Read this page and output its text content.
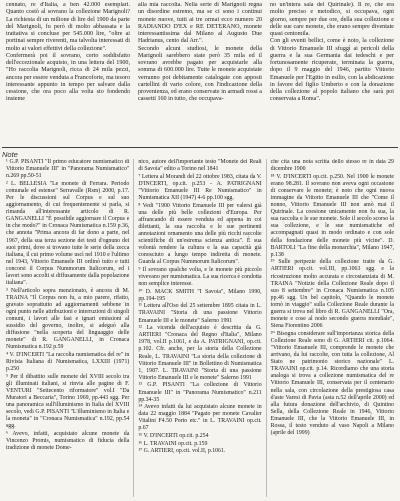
cennato, re d'Italia, a ben 42.000 esemplari. Quanto costò al sovrano la collezione Marignoli? La richiesta di un milione di lire del 1900 da parte del Marignoli, fu però di molto abbassata e la trattativa si concluse per 545.000 lire, "oltre ai portinai sempre riverenti, ma talvolta interessati di molto ai valori effettivi della collezione".

Confermerà poi il sovrano, certo soddisfatto dell'eccezionale acquisto, in una lettera del 1900, "Ho raccolta Marignoli, ricca di 24 mila pezzi, ancora per essere venduta a Francoforte, ma tesoro interessante appunto in tempo per salvare dalla cessione, che ora poco alla volta sto fondendo insieme

alla mia raccolta. Nella serie di Marignoli regna un disordine estremo, ma se ci sono i continui monete nuove, tutti ai tre ormai ecco numero 20 RADIANDO D'EX e RE DETERANO, monete interessantissima dal Milano al Augusto Due Hadrianus, cento dal Arr.".

Secondo alcuni studiosi, le monete della Marignoli sarebbero state però 35 mila ed il sovrano avrebbe pagato per acquistarle alla somma di 600.000 lire. Tutte le monete acquistate verranno poi debitamente catalogate con apposti cartellini di vario colore, con l'indicazione della provenienza, ed erano conservate in armadi rossi a cassetti 160 in tutto, che occupava-

no un'intera sala del Quirinale). Il re, che era molto preciso e metodico, si occupava, ogni giorno, sempre per due ore, della sua collezione e delle sue care monete, che erano sempre diventate quasi centomila.

Con gli eventi bellici, come è noto, la collezione di Vittorio Emanuele III sfuggì ai pericoli della guerra e la sua Germania dai tedeschi e per fortunosamente ricuperate, terminata la guerra, dopo il 9 maggio del 1946, partito Vittorio Emanuele per l'Egitto in esilio, con la abdicazione in favore del figlio Umberto e con la donazione della collezione al popolo italiano che sarà poi conservata a Roma".

Note

¹ G.P. PISANTI "Il primo educatore numismatico di Vittorio Emanuele III" in "Panorama Numismatico" n.269 pp.50-51

² L. BELLESIA "Le monete di Ferrara. Periodo comunale ed estense" Serravalle (Rsm) 2000, p.17. Per le discussioni sul Corpus e sul suo aggiornamento, di cui frequentemente si parla, si rimanda all'interessante articolo di R. GANGANELLI "È possibile aggiornare il Corpus e in che modo?" in Cronaca Numismatica n.159 p.36, che annota "Prima ancora di far dono a parte, nel 1967, della sua terza sezione dei testi d'ognuno dei suoi primi, dove si trovano tutte le serie della zecca italiana, il cui primo volume uscì nel 1910 e l'ultimo nel 1943, Vittorio Emanuele III ordinò tutto e tutti concorsi il Corpus Nummorum Italicorum, ed i lavori sono accolti si diffusamente dalla popolazione italiana".

³ Nell'articolo sopra menzionato, è ancora di M. TRAINA "Il Corpus non fu, a mio parere, rifatto, gravato soprattutto ad aggiornamenti sebbene in ogni punto nelle attribuzioni e interruzioni di singoli comuni, i lavori alle fasi e ignari emissioni al sussidio del governo, inoltre, si adeguò alla diffusione "nella scoperta del linguaggio delle monete" di R. GANGANELLI, in Cronaca Numismatica n.192 p.59

⁴ V. D'INCERTI "La raccolta numismatica del re" in Rivista Italiana di Numismatica, LXXIII (1971) p.250

⁵ Per il dibattito sulle monete del XVIII secolo tra gli illuminati italiani, si rinvia alle pagine di F. VENTURI "Settecento riformatore" vol.I "Da Muratori a Beccaria", Torino 1969, pp.443 sgg. Per una panoramica sull'illuminismo in Italia del XVIII secolo, vedi G.P. PISANTI "L'illuminismo in Italia e la moneta" in "Cronaca Numismatica" n.192, pp.54 sgg.

⁶ Avevo, infatti, acquistato alcune monete da Vincenzo Promis, numismatico di fiducia della tradizione di monete Dome-

nico, autore dell'importante testo "Monete dei Reali di Savoia" edito a Torino nel 1841

⁷ Lettera al Morandi del 22 ottobre 1983, citata da V. D'INCERTI, op.cit. p.253 - A. PATRIGNANI "Vittorio Emanuele III Re Numismatico" in Numismatica XII (1947) 4-6 pp.100 sgg.

⁸ Vedi "1900 Vittorio Emanuele III per valersi già una delle più belle collezioni d'Europa. Per affrancando di essere venduta ed appena in coi dilettanti, la sua raccolta e le sue pertinenti annotazioni ornamento una delle più ricchi raccolte scientifiche di un'estrema scienza antica". È sua volontà rendere la cultura e la sua capacità già conosciuto a lungo tempo indiretta di monete. Guarda al Corpus Nummorum Italicorum".

⁹ Il sovrano qualche volta, e le monete più piccolo vivevano per numismatica. La sua ricerca è condotta non semplice interesse.

¹⁰ D. MACK SMITH "I Savoia", Milano 1990, pp.194-195

¹¹ Lettera all'Oso del 25 settembre 1895 citata in L. TRAVAINI "Storia di una passione Vittorio Emanuele III e le monete" Salerno 1991

¹² La vicenda dell'acquisto è descritta da G. ARTIERI "Cronaca del Regno d'Italia", Milano 1978, vol.II p.1061, e da A. PATRIGNANI, op.cit. p.102. Cfr. anche, per la storia della Collezione Reale, L. TRAVAINI "La storia della collezione di Vittorio Emanuele III" in Bollettino di Numismatica 1, 1987. L. TRAVAINI "Storia di una passione Vittorio Emanuele III e le monete" Salerno 1991

¹³ G.P. PISANTI "La collezione di Vittorio Emanuele III" in "Panorama Numismatico" n.211 pp.34-35

¹⁴ Avevo infatti da lui acquistato alcune monete in data 22 maggio 1884 "Pagato per monete Cavalier Vitalini F4.50 Porto etc." in L. TRAVAINI op.cit. p.67

¹⁵ V. D'INCERTI op.cit. p.254

¹⁶ L. TRAVAINI op.cit. p.159

¹⁷ G. ARTIERI, op.cit. vol.II, p.1061.

che cita una nota scritta dello stesso re in data 29 dicembre 1900

¹⁸ V. D'INCERTI op.cit. p.250. Nel 1900 le monete erano 98.281. Il sovrano non aveva ogni occasione di conservare le monete; è noto che ogni nuova immagine da Vittorio Emanuele III che "Come il nonno, Vittorio Emanuele III non amò mai il Quirinale. La coesione unicamente non fu sua, la sua raccolta e le sue monete. Solo il secolo scorso la sua collezione, e le sue numismatiche ed accompagnati quasi in modo ordinato e con sole della fondazione delle monete più vicine". D. BARTOLI "La fine della monarchia", Milano 1947, p.138

¹⁹ Sulle peripezie della collezione tratte da G. ARTIERI op.cit. vol.III, pp.1063 sgg. e la ricostruzione molto accurata e circostanziata di M. TRAINA "Notizie della Collezione Reale dopo il suo 8 settembre" in Cronaca Numismatica n.105 pp.46 sgg. Un bel capitolo, "Quando le monete tornò in viaggio" sulla Collezione Reale durante la guerra si trova nel libro di R. GANGANELLI "Ora, monete e cose al nodo secondo guerra mondiale", Siena Fiorentino 2006

²⁰ Bisogna considerare sull'importanza storica della Collezione Reale sono di G. ARTIERI cit. p.1064. "Vittorio Emanuele III, comprende le monete che arrivano, da lui raccolte, con tutta la collezione, Al Stato ne patrimonio storico nazionale" L. TRAVAINI op.cit. p.14. Ricordiamo che una storia analoga si trova a collezione numismatica del re Vittorio Emanuele III, conservata per il centenario nella sala, con circolazione della prestigiosa casa d'aste Varesi di Pavia (asta n.52 dell'aprile 2000) ed alla futura donazione dell'archivio, di Quintino Sella, della Collezione Reale in 1946, Vittorio Emanuele III, che la Vittorio Emanuele III, in Rossa, il testo venduto al vaso Napoli a Milano (aprile del 1999)
